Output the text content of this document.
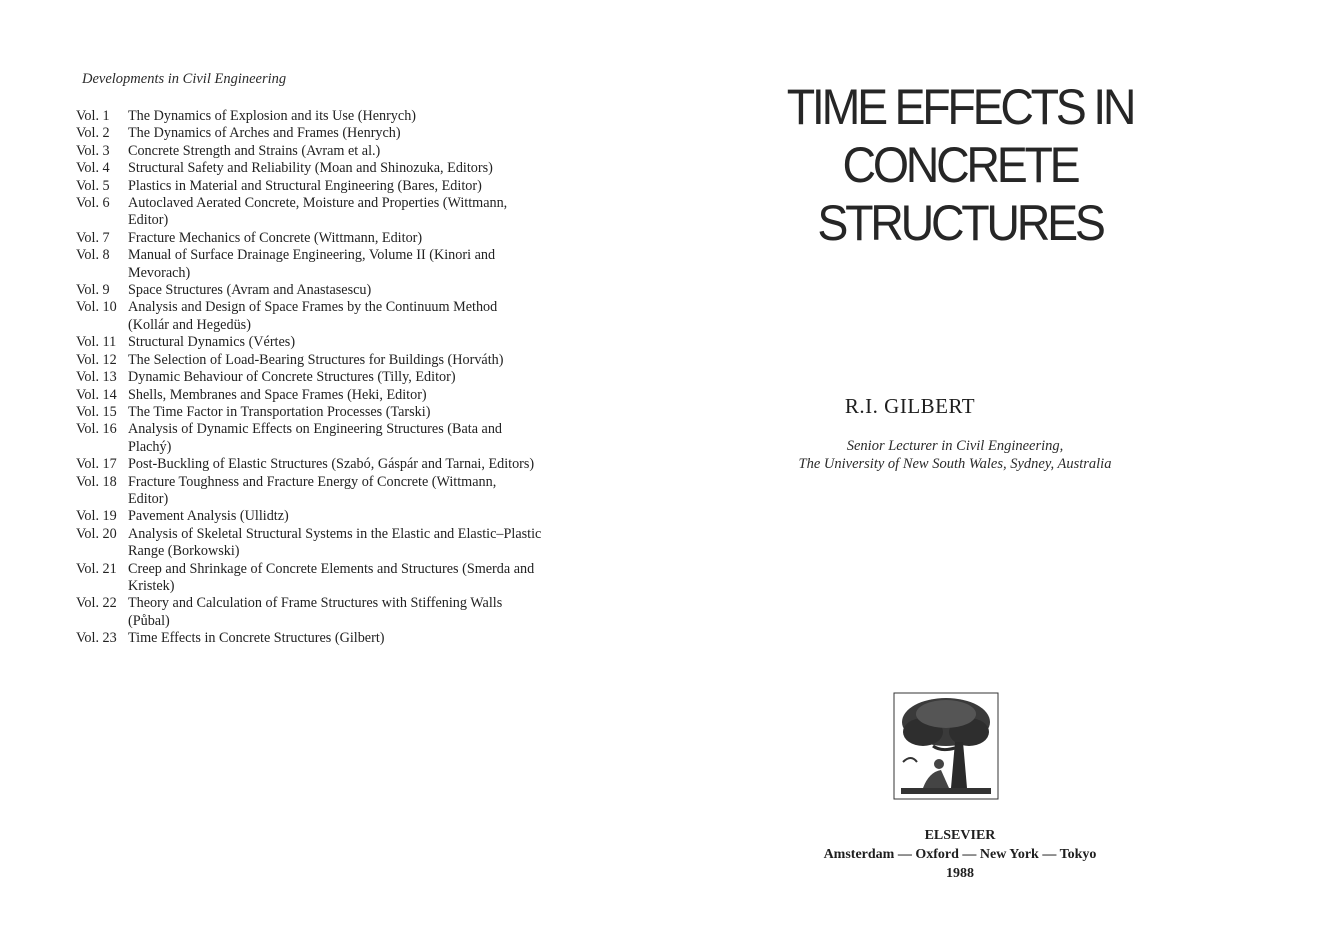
Developments in Civil Engineering
Vol. 1	The Dynamics of Explosion and its Use (Henrych)
Vol. 2	The Dynamics of Arches and Frames (Henrych)
Vol. 3	Concrete Strength and Strains (Avram et al.)
Vol. 4	Structural Safety and Reliability (Moan and Shinozuka, Editors)
Vol. 5	Plastics in Material and Structural Engineering (Bares, Editor)
Vol. 6	Autoclaved Aerated Concrete, Moisture and Properties (Wittmann,
Editor)
Vol. 7	Fracture Mechanics of Concrete (Wittmann, Editor)
Vol. 8	Manual of Surface Drainage Engineering, Volume II (Kinori and
Mevorach)
Vol. 9	Space Structures (Avram and Anastasescu)
Vol. 10 Analysis and Design of Space Frames by the Continuum Method
(Kollár and Hegedüs)
Vol. 11 Structural Dynamics (Vértes)
Vol. 12 The Selection of Load-Bearing Structures for Buildings (Horváth)
Vol. 13 Dynamic Behaviour of Concrete Structures (Tilly, Editor)
Vol. 14 Shells, Membranes and Space Frames (Heki, Editor)
Vol. 15 The Time Factor in Transportation Processes (Tarski)
Vol. 16 Analysis of Dynamic Effects on Engineering Structures (Bata and
Plachý)
Vol. 17 Post-Buckling of Elastic Structures (Szabó, Gáspár and Tarnai, Editors)
Vol. 18 Fracture Toughness and Fracture Energy of Concrete (Wittmann,
Editor)
Vol. 19 Pavement Analysis (Ullidtz)
Vol. 20 Analysis of Skeletal Structural Systems in the Elastic and Elastic–Plastic
Range (Borkowski)
Vol. 21 Creep and Shrinkage of Concrete Elements and Structures (Smerda and
Kristek)
Vol. 22 Theory and Calculation of Frame Structures with Stiffening Walls
(Půbal)
Vol. 23 Time Effects in Concrete Structures (Gilbert)
TIME EFFECTS IN
CONCRETE STRUCTURES
R.I. GILBERT
Senior Lecturer in Civil Engineering,
The University of New South Wales, Sydney, Australia
ELSEVIER
Amsterdam — Oxford — New York — Tokyo
1988
